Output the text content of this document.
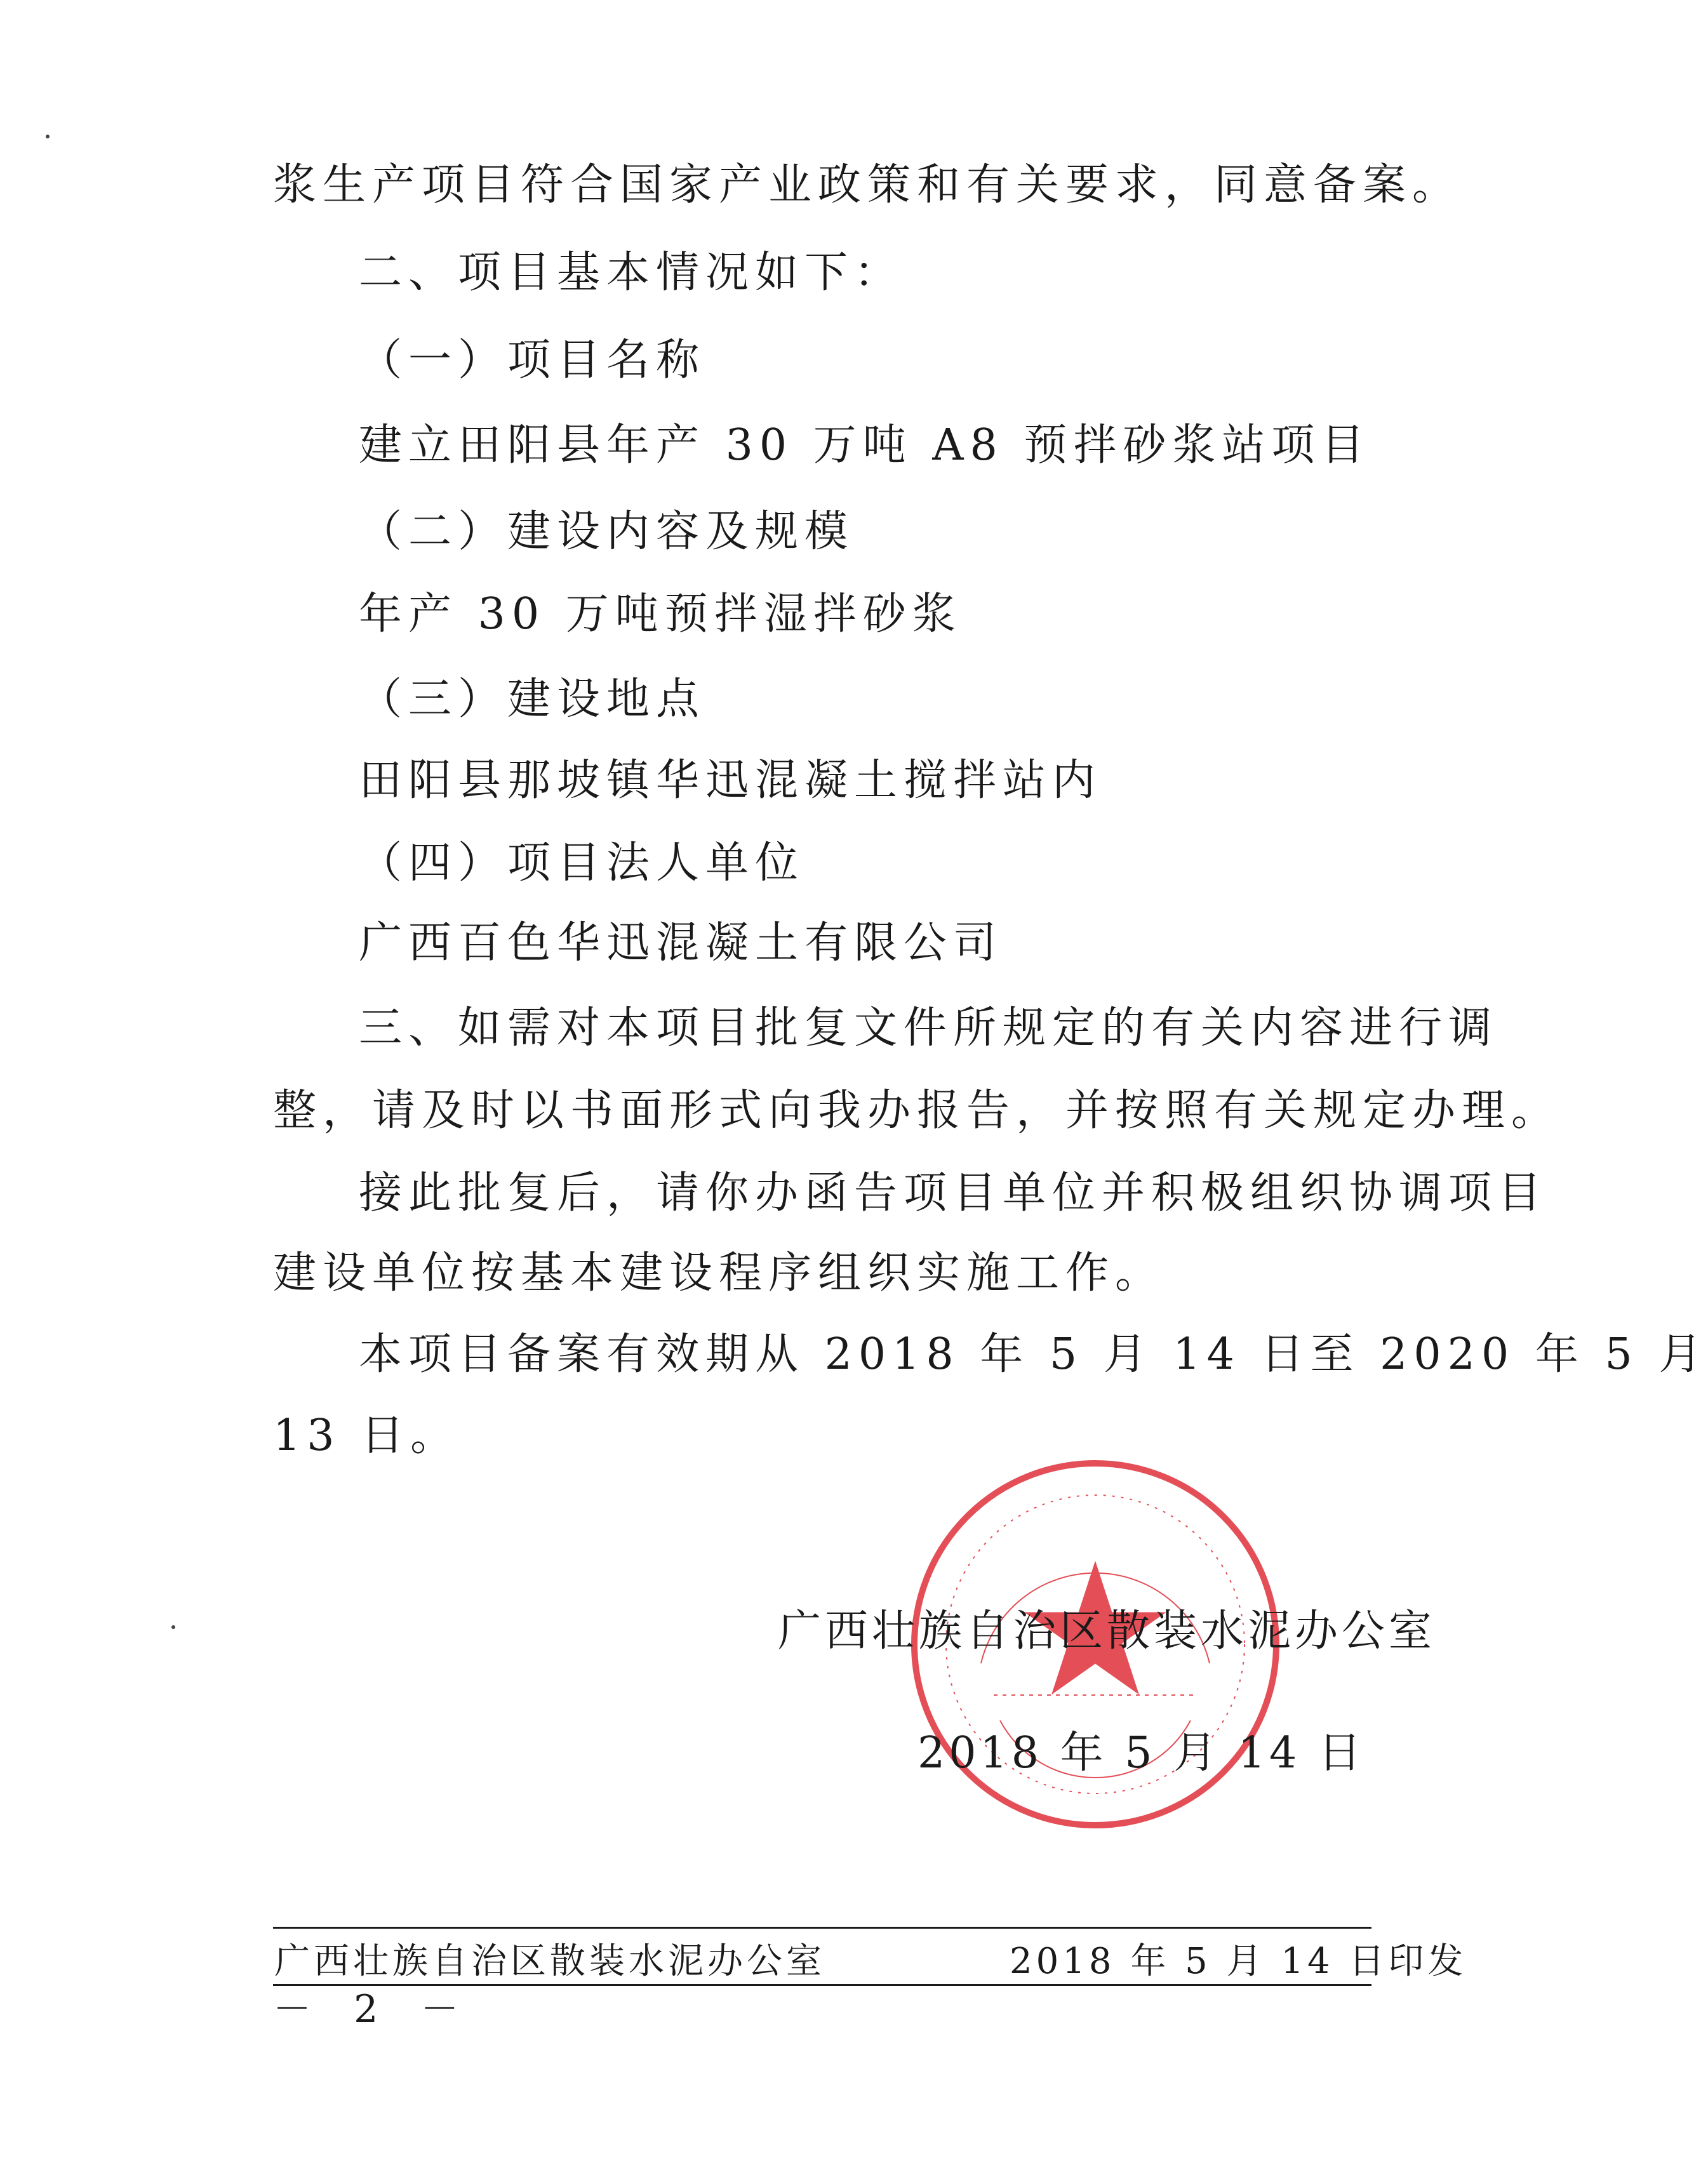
浆生产项目符合国家产业政策和有关要求，同意备案。
二、项目基本情况如下：
（一）项目名称
建立田阳县年产 30 万吨 A8 预拌砂浆站项目
（二）建设内容及规模
年产 30 万吨预拌湿拌砂浆
（三）建设地点
田阳县那坡镇华迅混凝土搅拌站内
（四）项目法人单位
广西百色华迅混凝土有限公司
三、如需对本项目批复文件所规定的有关内容进行调
整，请及时以书面形式向我办报告，并按照有关规定办理。
接此批复后，请你办函告项目单位并积极组织协调项目
建设单位按基本建设程序组织实施工作。
本项目备案有效期从 2018 年 5 月 14 日至 2020 年 5 月
13 日。
广西壮族自治区散装水泥办公室
2018 年 5 月 14 日
广西壮族自治区散装水泥办公室	2018 年 5 月 14 日印发
－ 2 －
